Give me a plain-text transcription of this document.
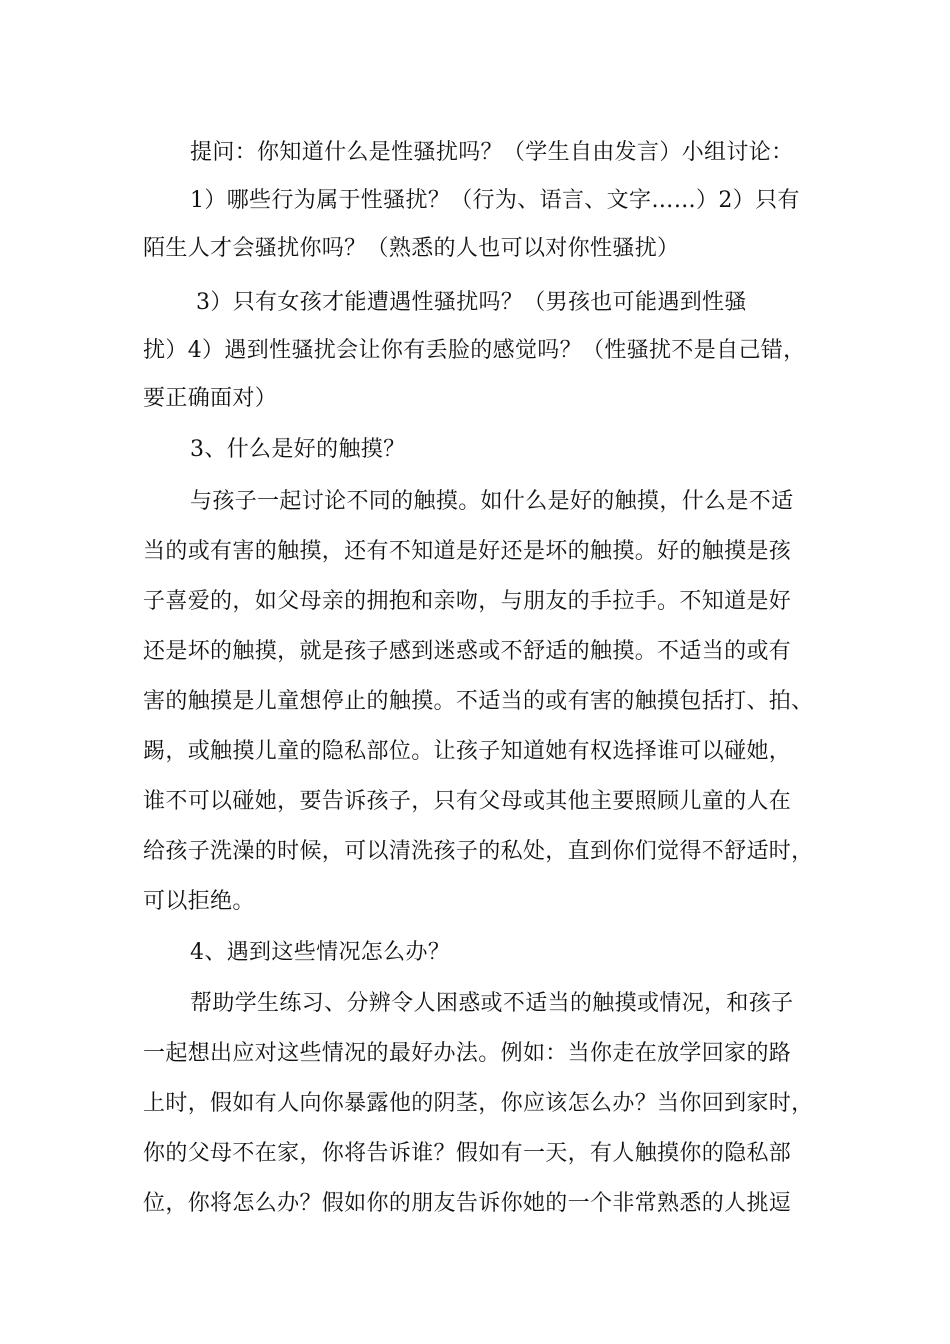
提问：你知道什么是性骚扰吗？（学生自由发言）小组讨论：
1）哪些行为属于性骚扰？（行为、语言、文字……）2）只有
陌生人才会骚扰你吗？（熟悉的人也可以对你性骚扰）
3）只有女孩才能遭遇性骚扰吗？（男孩也可能遇到性骚
扰）4）遇到性骚扰会让你有丢脸的感觉吗？（性骚扰不是自己错，
要正确面对）
3、什么是好的触摸？
与孩子一起讨论不同的触摸。如什么是好的触摸，什么是不适
当的或有害的触摸，还有不知道是好还是坏的触摸。好的触摸是孩
子喜爱的，如父母亲的拥抱和亲吻，与朋友的手拉手。不知道是好
还是坏的触摸，就是孩子感到迷惑或不舒适的触摸。不适当的或有
害的触摸是儿童想停止的触摸。不适当的或有害的触摸包括打、拍、
踢，或触摸儿童的隐私部位。让孩子知道她有权选择谁可以碰她，
谁不可以碰她，要告诉孩子，只有父母或其他主要照顾儿童的人在
给孩子洗澡的时候，可以清洗孩子的私处，直到你们觉得不舒适时，
可以拒绝。
4、遇到这些情况怎么办？
帮助学生练习、分辨令人困惑或不适当的触摸或情况，和孩子
一起想出应对这些情况的最好办法。例如：当你走在放学回家的路
上时，假如有人向你暴露他的阴茎，你应该怎么办？当你回到家时，
你的父母不在家，你将告诉谁？假如有一天，有人触摸你的隐私部
位，你将怎么办？假如你的朋友告诉你她的一个非常熟悉的人挑逗
